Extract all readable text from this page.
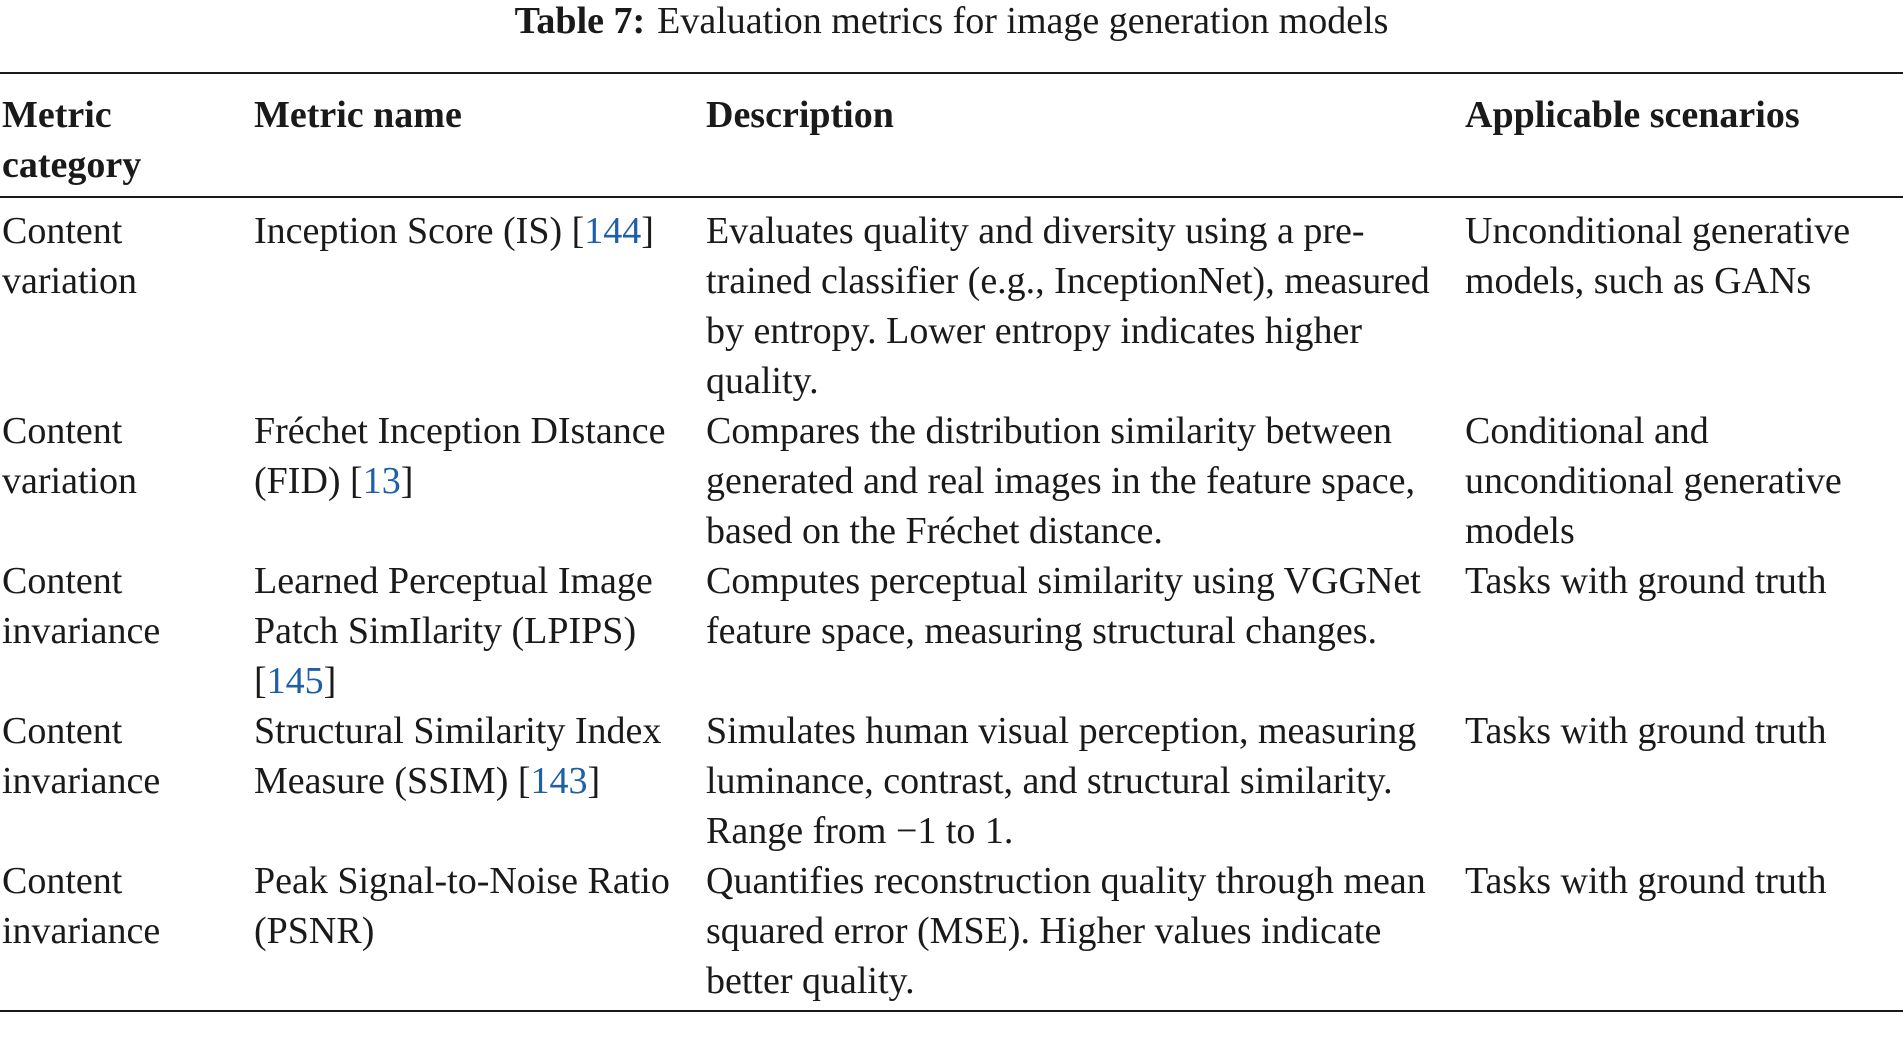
Table 7: Evaluation metrics for image generation models
Metric category	Metric name	Description	Applicable scenarios
Content variation	Inception Score (IS) [144]	Evaluates quality and diversity using a pre-trained classifier (e.g., InceptionNet), measured by entropy. Lower entropy indicates higher quality.	Unconditional generative models, such as GANs
Content variation	Fréchet Inception DIstance (FID) [13]	Compares the distribution similarity between generated and real images in the feature space, based on the Fréchet distance.	Conditional and unconditional generative models
Content invariance	Learned Perceptual Image Patch SimIlarity (LPIPS) [145]	Computes perceptual similarity using VGGNet feature space, measuring structural changes.	Tasks with ground truth
Content invariance	Structural Similarity Index Measure (SSIM) [143]	Simulates human visual perception, measuring luminance, contrast, and structural similarity. Range from −1 to 1.	Tasks with ground truth
Content invariance	Peak Signal-to-Noise Ratio (PSNR)	Quantifies reconstruction quality through mean squared error (MSE). Higher values indicate better quality.	Tasks with ground truth
